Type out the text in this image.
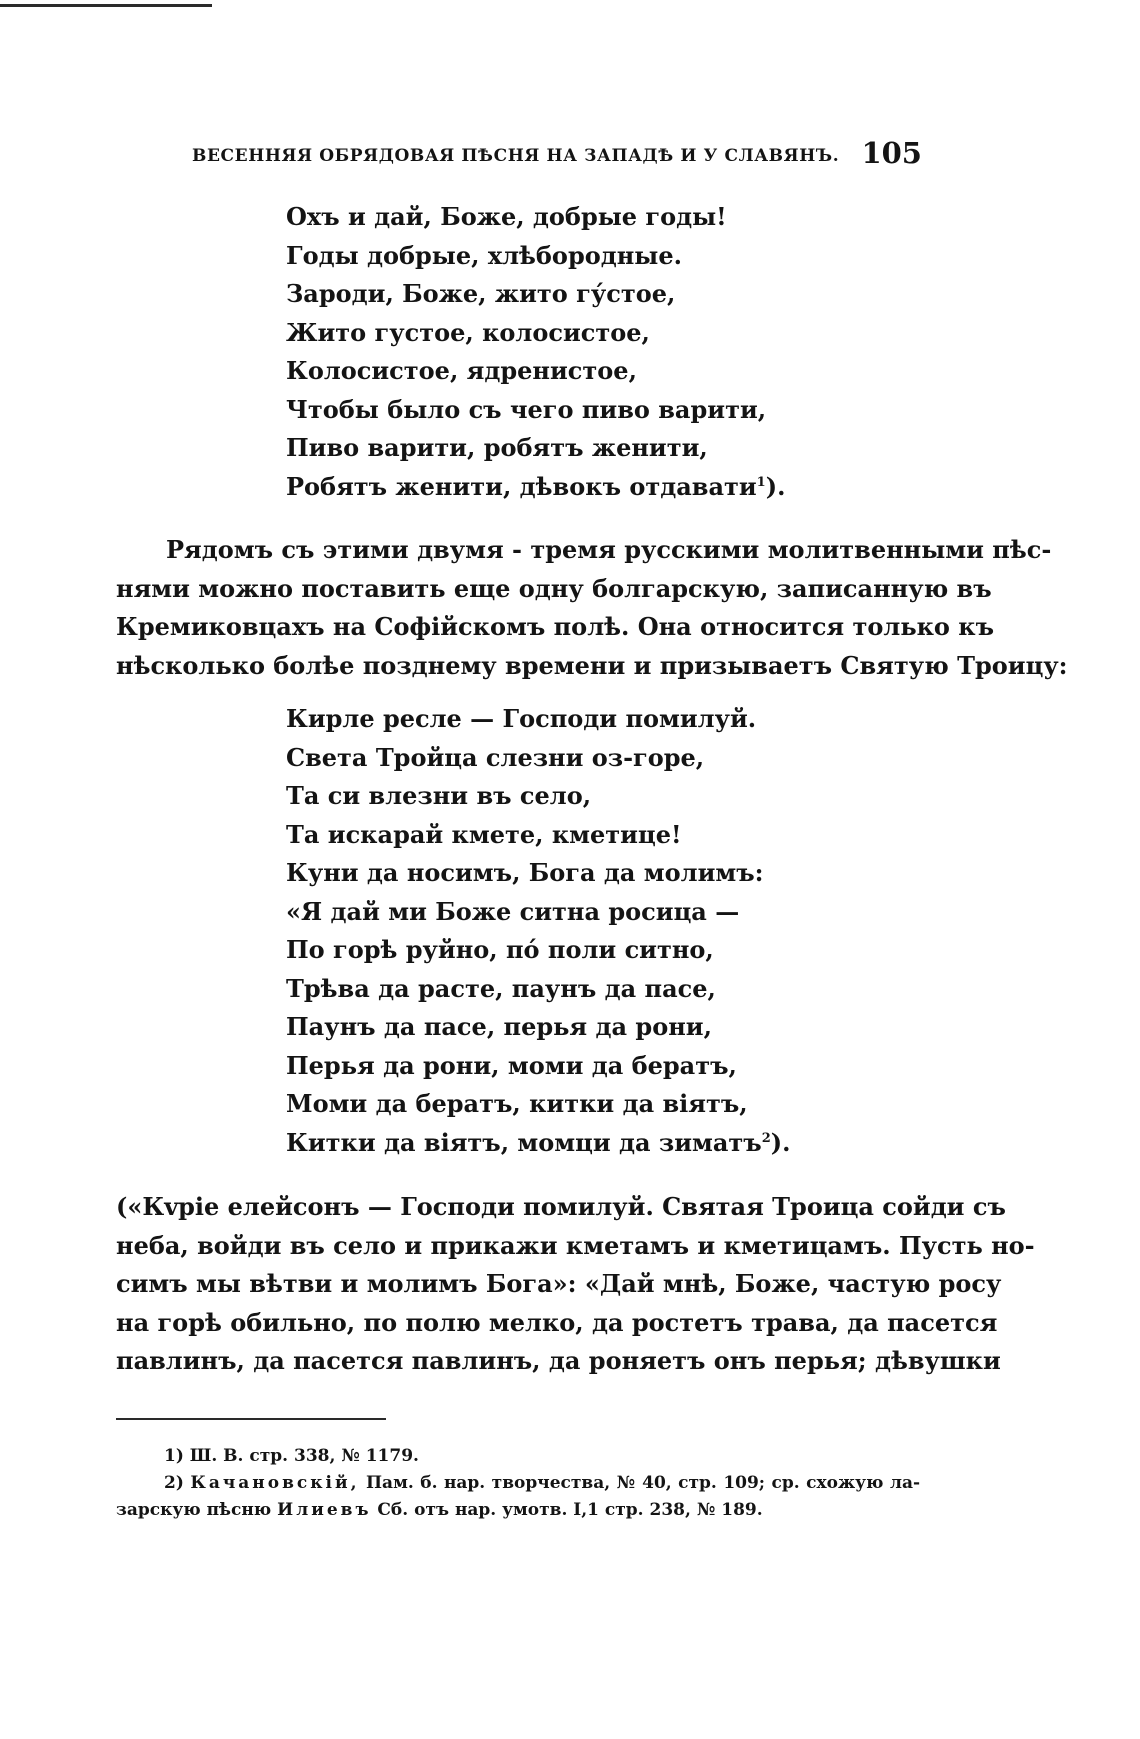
ВЕСЕННЯЯ ОБРЯДОВАЯ ПѢСНЯ НА ЗАПАДѢ И У СЛАВЯНЪ. 105
Охъ и дай, Боже, добрые годы!
Годы добрые, хлѣбородные.
Зароди, Боже, жито гу́стое,
Жито густое, колосистое,
Колосистое, ядренистое,
Чтобы было съ чего пиво варити,
Пиво варити, робятъ женити,
Робятъ женити, дѣвокъ отдавати$^1$).
Рядомъ съ этими двумя - тремя русскими молитвенными пѣс-
нями можно поставить еще одну болгарскую, записанную въ
Кремиковцахъ на Софійскомъ полѣ. Она относится только къ
нѣсколько болѣе позднему времени и призываетъ Святую Троицу:
Кирле ресле — Господи помилуй.
Света Тройца слезни оз-горе,
Та си влезни въ село,
Та искарай кмете, кметице!
Куни да носимъ, Бога да молимъ:
«Я дай ми Боже ситна росица —
По горѣ руйно, пó поли ситно,
Трѣва да расте, паунъ да пасе,
Паунъ да пасе, перья да рони,
Перья да рони, моми да бератъ,
Моми да бератъ, китки да віятъ,
Китки да віятъ, момци да зиматъ$^2$).
(«Кvріе елейсонъ — Господи помилуй. Святая Троица сойди съ
неба, войди въ село и прикажи кметамъ и кметицамъ. Пусть но-
симъ мы вѣтви и молимъ Бога»: «Дай мнѣ, Боже, частую росу
на горѣ обильно, по полю мелко, да ростетъ трава, да пасется
павлинъ, да пасется павлинъ, да роняетъ онъ перья; дѣвушки
1) Ш. В. стр. 338, № 1179.
2) Качановскій, Пам. б. нар. творчества, № 40, стр. 109; ср. схожую ла-
зарскую пѣсню Илиевъ Сб. отъ нар. умотв. I,1 стр. 238, № 189.
